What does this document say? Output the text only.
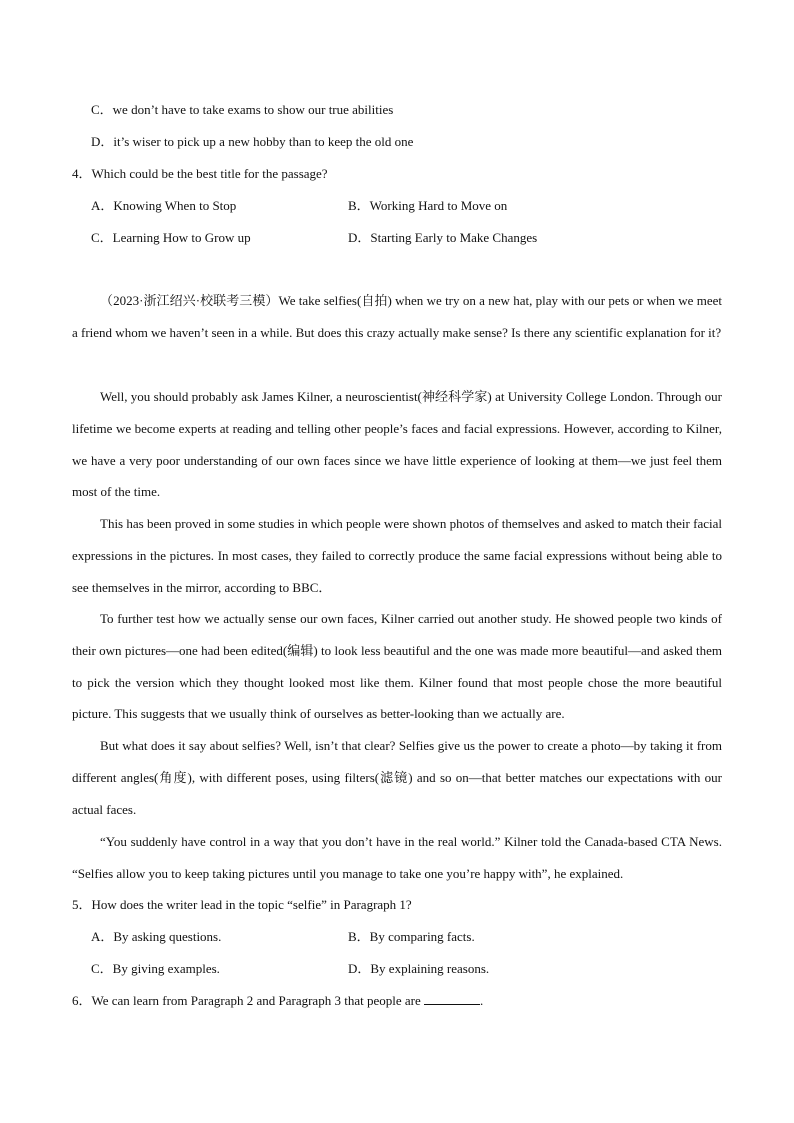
C．we don’t have to take exams to show our true abilities
D．it’s wiser to pick up a new hobby than to keep the old one
4．Which could be the best title for the passage?
A．Knowing When to Stop	B．Working Hard to Move on
C．Learning How to Grow up	D．Starting Early to Make Changes

（2023·浙江绍兴·校联考三模）We take selfies(自拍) when we try on a new hat, play with our pets or when we meet a friend whom we haven’t seen in a while. But does this crazy actually make sense? Is there any scientific explanation for it?

Well, you should probably ask James Kilner, a neuroscientist(神经科学家) at University College London. Through our lifetime we become experts at reading and telling other people’s faces and facial expressions. However, according to Kilner, we have a very poor understanding of our own faces since we have little experience of looking at them—we just feel them most of the time.

This has been proved in some studies in which people were shown photos of themselves and asked to match their facial expressions in the pictures. In most cases, they failed to correctly produce the same facial expressions without being able to see themselves in the mirror, according to BBC．

To further test how we actually sense our own faces, Kilner carried out another study. He showed people two kinds of their own pictures—one had been edited(编辑) to look less beautiful and the one was made more beautiful—and asked them to pick the version which they thought looked most like them. Kilner found that most people chose the more beautiful picture. This suggests that we usually think of ourselves as better-looking than we actually are.

But what does it say about selfies? Well, isn’t that clear? Selfies give us the power to create a photo—by taking it from different angles(角度), with different poses, using filters(滤镜) and so on—that better matches our expectations with our actual faces.

“You suddenly have control in a way that you don’t have in the real world.” Kilner told the Canada-based CTA News. “Selfies allow you to keep taking pictures until you manage to take one you’re happy with”, he explained.

5．How does the writer lead in the topic “selfie” in Paragraph 1?
A．By asking questions.	B．By comparing facts.
C．By giving examples.	D．By explaining reasons.
6．We can learn from Paragraph 2 and Paragraph 3 that people are	.
